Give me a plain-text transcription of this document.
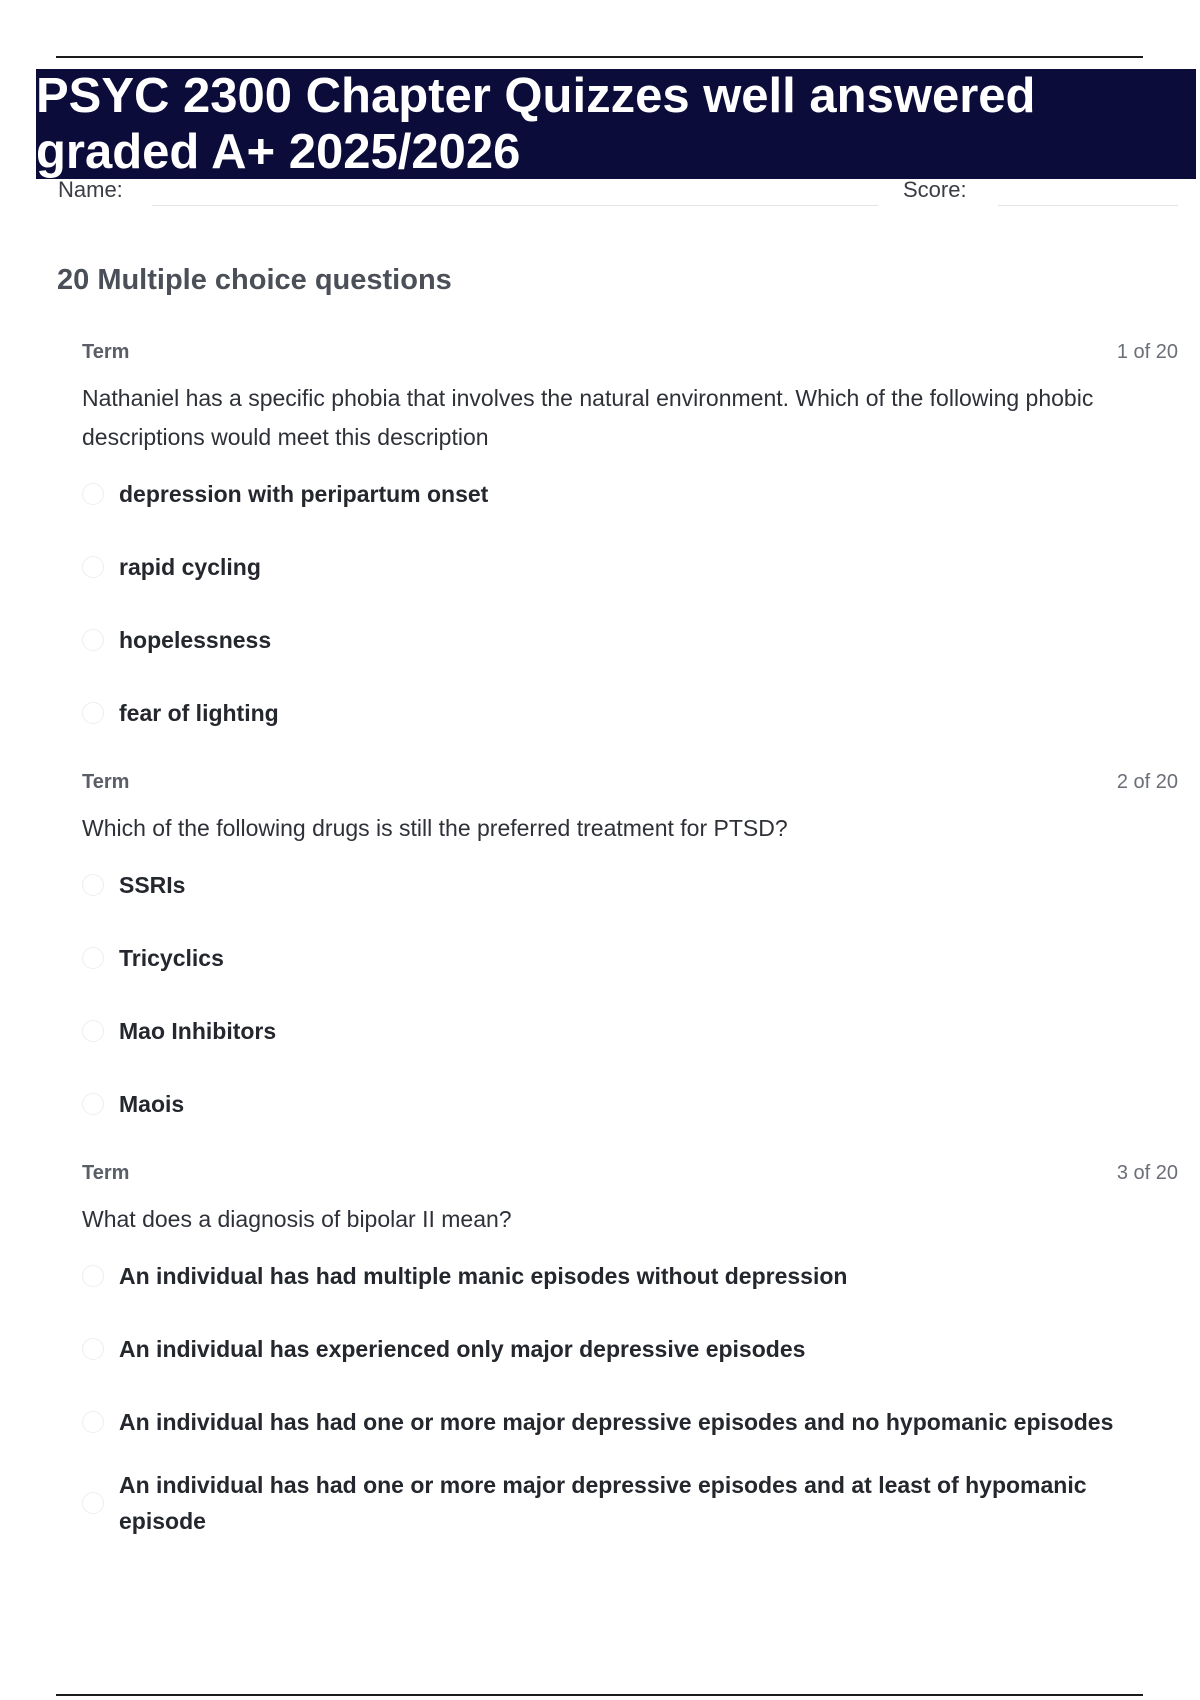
PSYC 2300 Chapter Quizzes well answered graded A+ 2025/2026
Name:	Score:
20 Multiple choice questions
Term	1 of 20

Nathaniel has a specific phobia that involves the natural environment. Which of the following phobic descriptions would meet this description

depression with peripartum onset
rapid cycling
hopelessness
fear of lighting
Term	2 of 20

Which of the following drugs is still the preferred treatment for PTSD?

SSRIs
Tricyclics
Mao Inhibitors
Maois
Term	3 of 20

What does a diagnosis of bipolar II mean?

An individual has had multiple manic episodes without depression
An individual has experienced only major depressive episodes
An individual has had one or more major depressive episodes and no hypomanic episodes
An individual has had one or more major depressive episodes and at least of hypomanic episode
